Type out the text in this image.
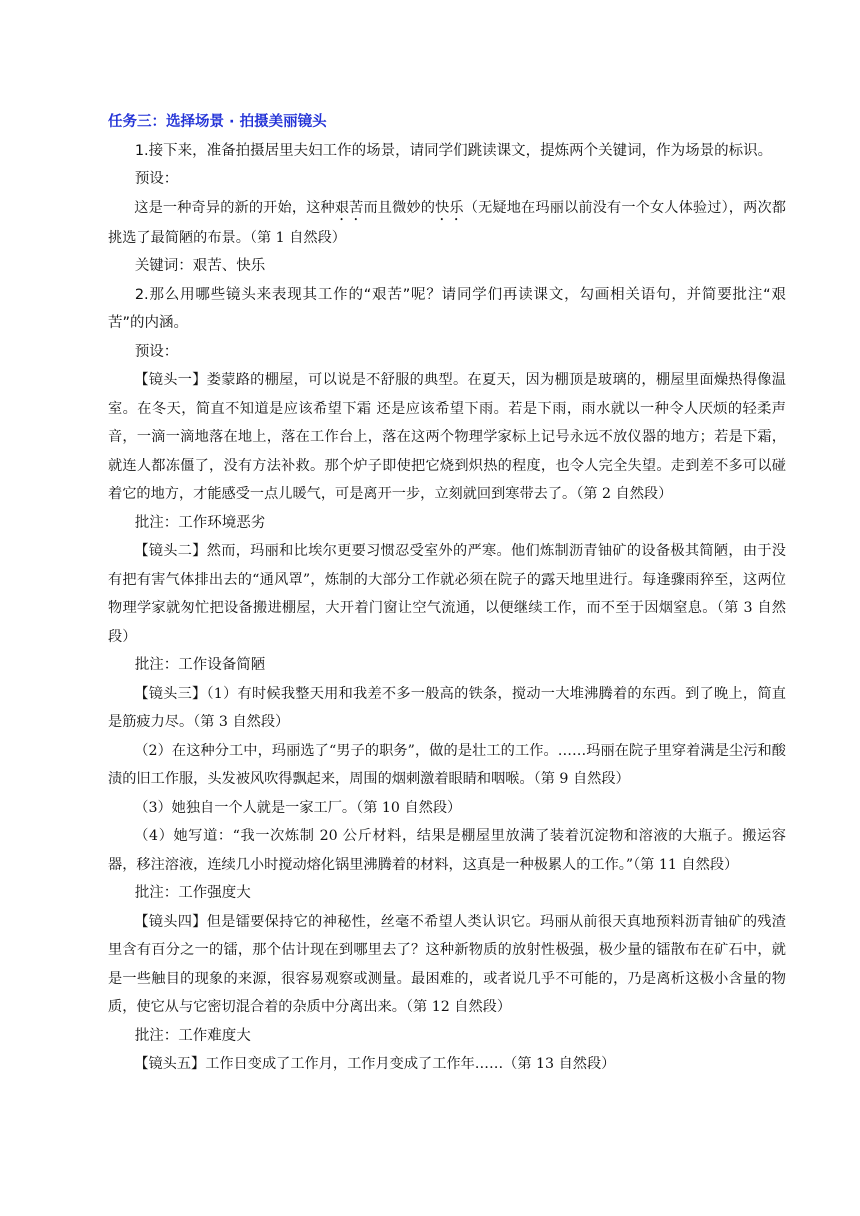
任务三：选择场景 · 拍摄美丽镜头

1.接下来，准备拍摄居里夫妇工作的场景，请同学们跳读课文，提炼两个关键词，作为场景的标识。

预设：

这是一种奇异的新的开始，这种艰苦而且微妙的快乐（无疑地在玛丽以前没有一个女人体验过），两次都挑选了最简陋的布景。（第 1 自然段）

关键词：艰苦、快乐

2.那么用哪些镜头来表现其工作的“艰苦”呢？请同学们再读课文，勾画相关语句，并简要批注“艰苦”的内涵。

预设：

【镜头一】娄蒙路的棚屋，可以说是不舒服的典型。在夏天，因为棚顶是玻璃的，棚屋里面燥热得像温室。在冬天，简直不知道是应该希望下霜 还是应该希望下雨。若是下雨，雨水就以一种令人厌烦的轻柔声音，一滴一滴地落在地上，落在工作台上，落在这两个物理学家标上记号永远不放仪器的地方；若是下霜，就连人都冻僵了，没有方法补救。那个炉子即使把它烧到炽热的程度，也令人完全失望。走到差不多可以碰着它的地方，才能感受一点儿暖气，可是离开一步，立刻就回到寒带去了。（第 2 自然段）

批注：工作环境恶劣

【镜头二】然而，玛丽和比埃尔更要习惯忍受室外的严寒。他们炼制沥青铀矿的设备极其简陋，由于没有把有害气体排出去的“通风罩”，炼制的大部分工作就必须在院子的露天地里进行。每逢骤雨猝至，这两位物理学家就匆忙把设备搬进棚屋，大开着门窗让空气流通，以便继续工作，而不至于因烟窒息。（第 3 自然段）

批注：工作设备简陋

【镜头三】（1）有时候我整天用和我差不多一般高的铁条，搅动一大堆沸腾着的东西。到了晚上，简直是筋疲力尽。（第 3 自然段）

（2）在这种分工中，玛丽选了“男子的职务”，做的是壮工的工作。……玛丽在院子里穿着满是尘污和酸渍的旧工作服，头发被风吹得飘起来，周围的烟刺激着眼睛和咽喉。（第 9 自然段）

（3）她独自一个人就是一家工厂。（第 10 自然段）

（4）她写道：“我一次炼制 20 公斤材料，结果是棚屋里放满了装着沉淀物和溶液的大瓶子。搬运容器，移注溶液，连续几小时搅动熔化锅里沸腾着的材料，这真是一种极累人的工作。”（第 11 自然段）

批注：工作强度大

【镜头四】但是镭要保持它的神秘性，丝毫不希望人类认识它。玛丽从前很天真地预料沥青铀矿的残渣里含有百分之一的镭，那个估计现在到哪里去了？这种新物质的放射性极强，极少量的镭散布在矿石中，就是一些触目的现象的来源，很容易观察或测量。最困难的，或者说几乎不可能的，乃是离析这极小含量的物质，使它从与它密切混合着的杂质中分离出来。（第 12 自然段）

批注：工作难度大

【镜头五】工作日变成了工作月，工作月变成了工作年……（第 13 自然段）
